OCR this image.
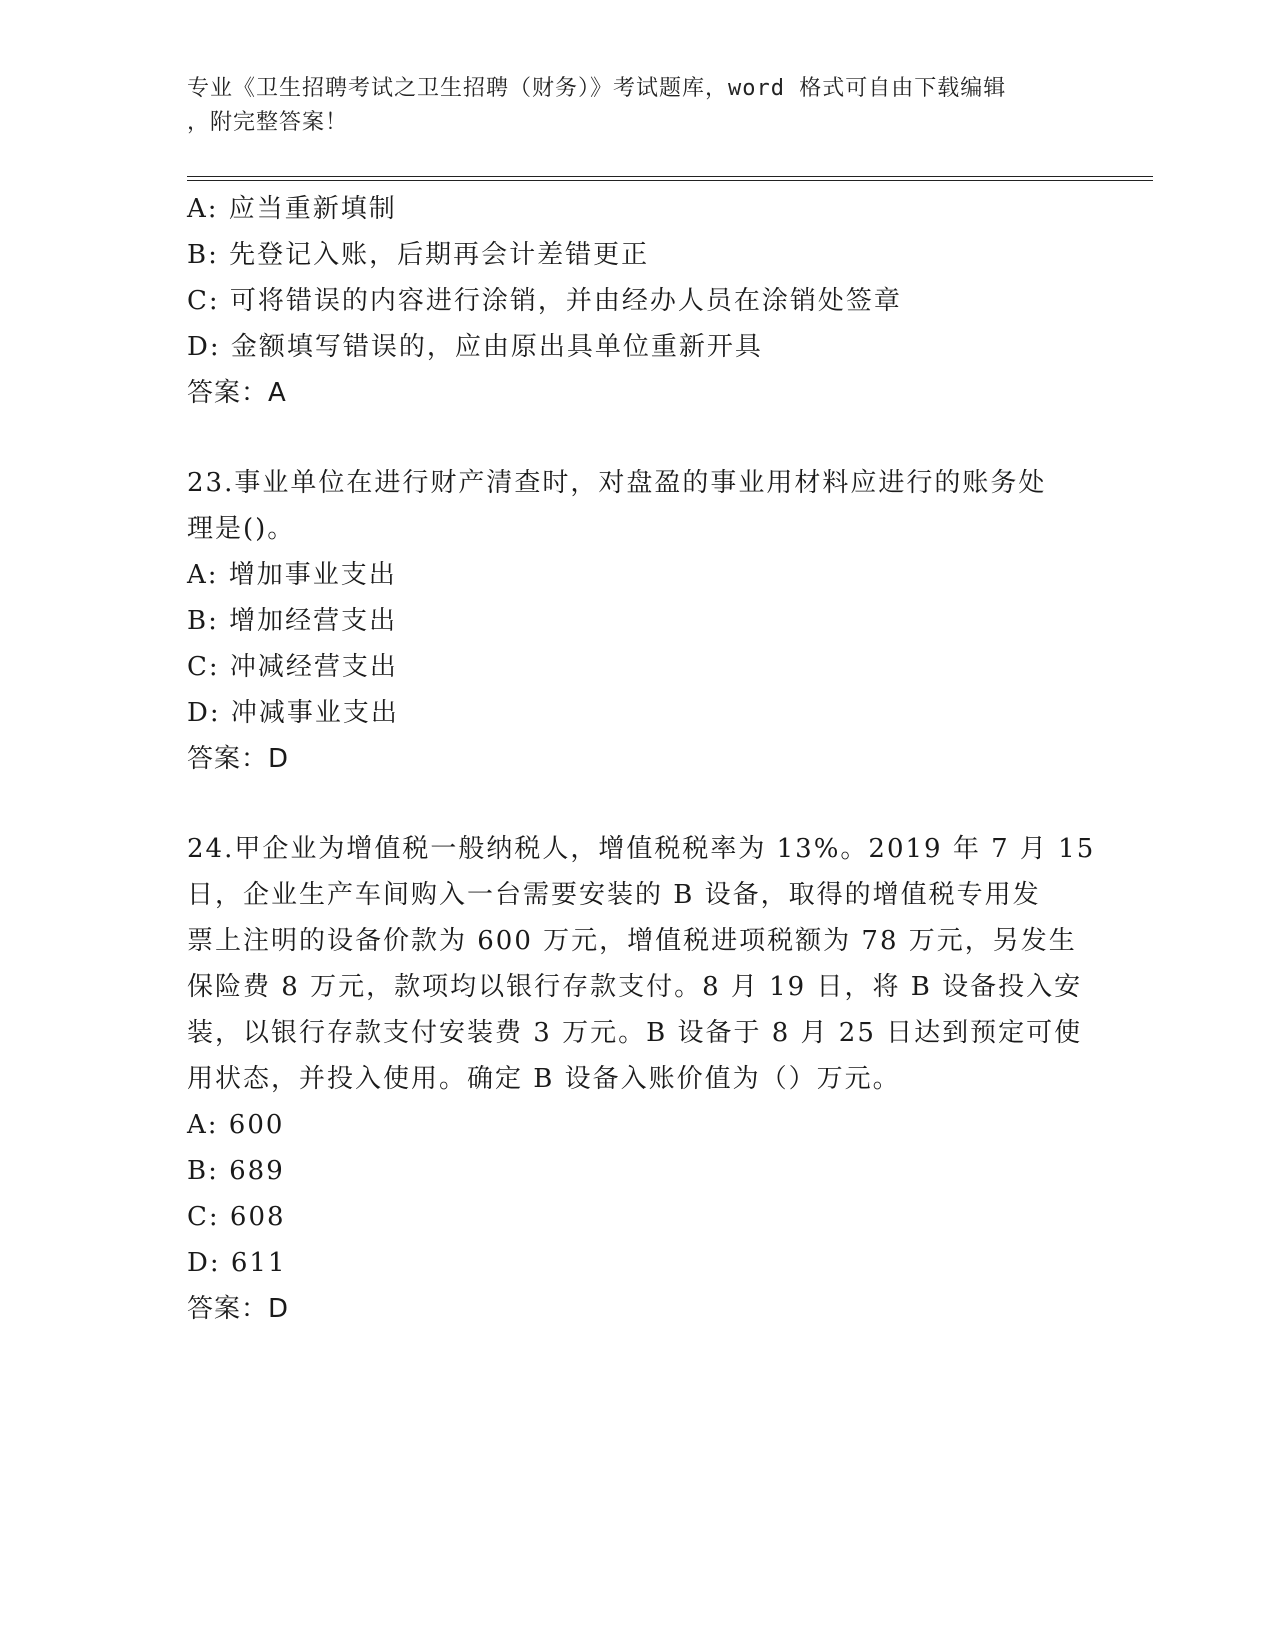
专业《卫生招聘考试之卫生招聘（财务）》考试题库，word 格式可自由下载编辑
，附完整答案！
A: 应当重新填制
B: 先登记入账，后期再会计差错更正
C: 可将错误的内容进行涂销，并由经办人员在涂销处签章
D: 金额填写错误的，应由原出具单位重新开具
答案：A
23.事业单位在进行财产清查时，对盘盈的事业用材料应进行的账务处
理是()。
A: 增加事业支出
B: 增加经营支出
C: 冲减经营支出
D: 冲减事业支出
答案：D
24.甲企业为增值税一般纳税人，增值税税率为 13%。2019 年 7 月 15
日，企业生产车间购入一台需要安装的 B 设备，取得的增值税专用发
票上注明的设备价款为 600 万元，增值税进项税额为 78 万元，另发生
保险费 8 万元，款项均以银行存款支付。8 月 19 日，将 B 设备投入安
装，以银行存款支付安装费 3 万元。B 设备于 8 月 25 日达到预定可使
用状态，并投入使用。确定 B 设备入账价值为（）万元。
A: 600
B: 689
C: 608
D: 611
答案：D
